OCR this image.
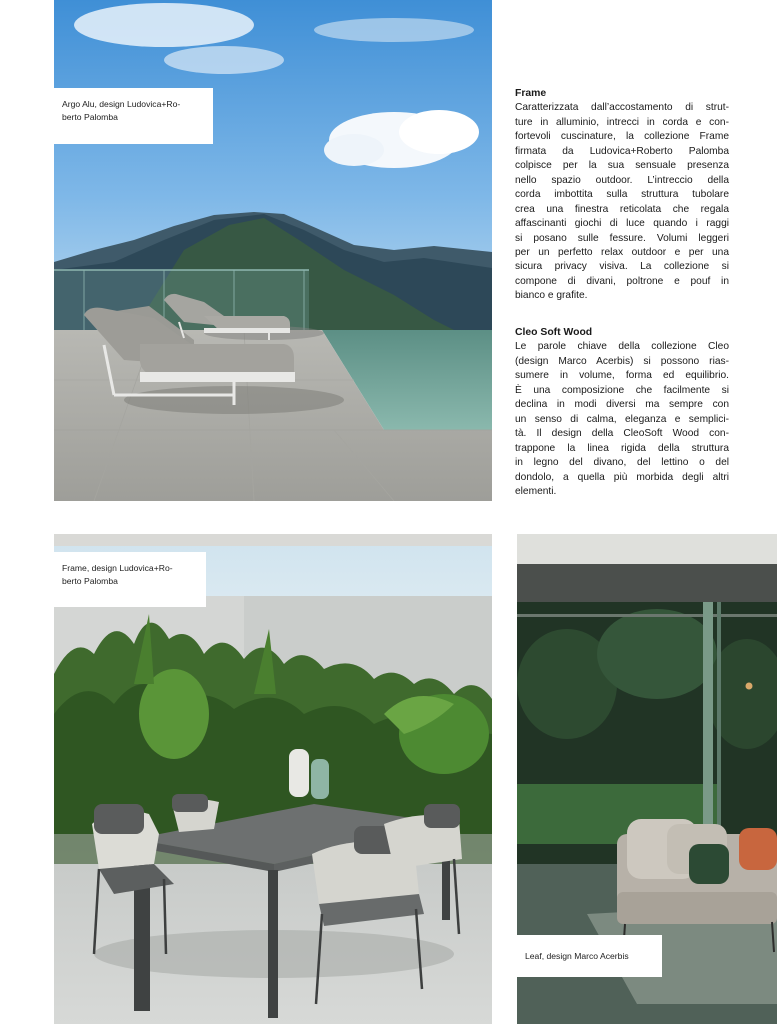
Argo Alu, design Ludovica+Ro-
berto Palomba
Frame
Caratterizzata dall’accostamento di strut-
ture in alluminio, intrecci in corda e con-
fortevoli cuscinature, la collezione Frame
firmata da Ludovica+Roberto Palomba
colpisce per la sua sensuale presenza
nello spazio outdoor. L’intreccio della
corda imbottita sulla struttura tubolare
crea una finestra reticolata che regala
affascinanti giochi di luce quando i raggi
si posano sulle fessure. Volumi leggeri
per un perfetto relax outdoor e per una
sicura privacy visiva. La collezione si
compone di divani, poltrone e pouf in
bianco e grafite.
Cleo Soft Wood
Le parole chiave della collezione Cleo
(design Marco Acerbis) si possono rias-
sumere in volume, forma ed equilibrio.
È una composizione che facilmente si
declina in modi diversi ma sempre con
un senso di calma, eleganza e semplici-
tà. Il design della CleoSoft Wood con-
trappone la linea rigida della struttura
in legno del divano, del lettino o del
dondolo, a quella più morbida degli altri
elementi.
Frame, design Ludovica+Ro-
berto Palomba
Leaf, design Marco Acerbis
